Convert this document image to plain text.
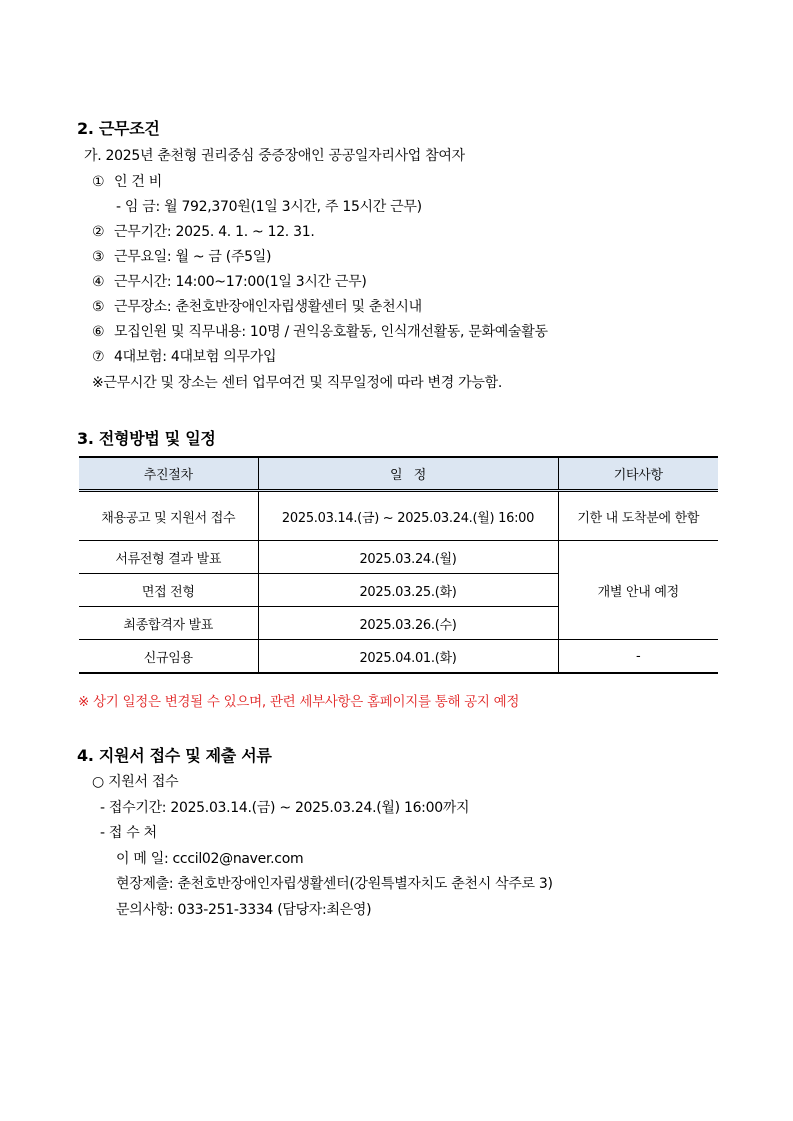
2. 근무조건
가. 2025년 춘천형 권리중심 중증장애인 공공일자리사업 참여자
① 인 건 비
- 임 금: 월 792,370원(1일 3시간, 주 15시간 근무)
② 근무기간: 2025. 4. 1. ~ 12. 31.
③ 근무요일: 월 ~ 금 (주5일)
④ 근무시간: 14:00~17:00(1일 3시간 근무)
⑤ 근무장소: 춘천호반장애인자립생활센터 및 춘천시내
⑥ 모집인원 및 직무내용: 10명 / 권익옹호활동, 인식개선활동, 문화예술활동
⑦ 4대보험: 4대보험 의무가입
※근무시간 및 장소는 센터 업무여건 및 직무일정에 따라 변경 가능함.
3. 전형방법 및 일정
추진절차	일   정	기타사항
채용공고 및 지원서 접수	2025.03.14.(금) ~ 2025.03.24.(월) 16:00	기한 내 도착분에 한함
서류전형 결과 발표	2025.03.24.(월)	개별 안내 예정
면접 전형	2025.03.25.(화)	
최종합격자 발표	2025.03.26.(수)	
신규임용	2025.04.01.(화)	-
※ 상기 일정은 변경될 수 있으며, 관련 세부사항은 홈페이지를 통해 공지 예정
4. 지원서 접수 및 제출 서류
○ 지원서 접수
- 접수기간: 2025.03.14.(금) ~ 2025.03.24.(월) 16:00까지
- 접 수 처
이 메 일: cccil02@naver.com
현장제출: 춘천호반장애인자립생활센터(강원특별자치도 춘천시 삭주로 3)
문의사항: 033-251-3334 (담당자:최은영)
